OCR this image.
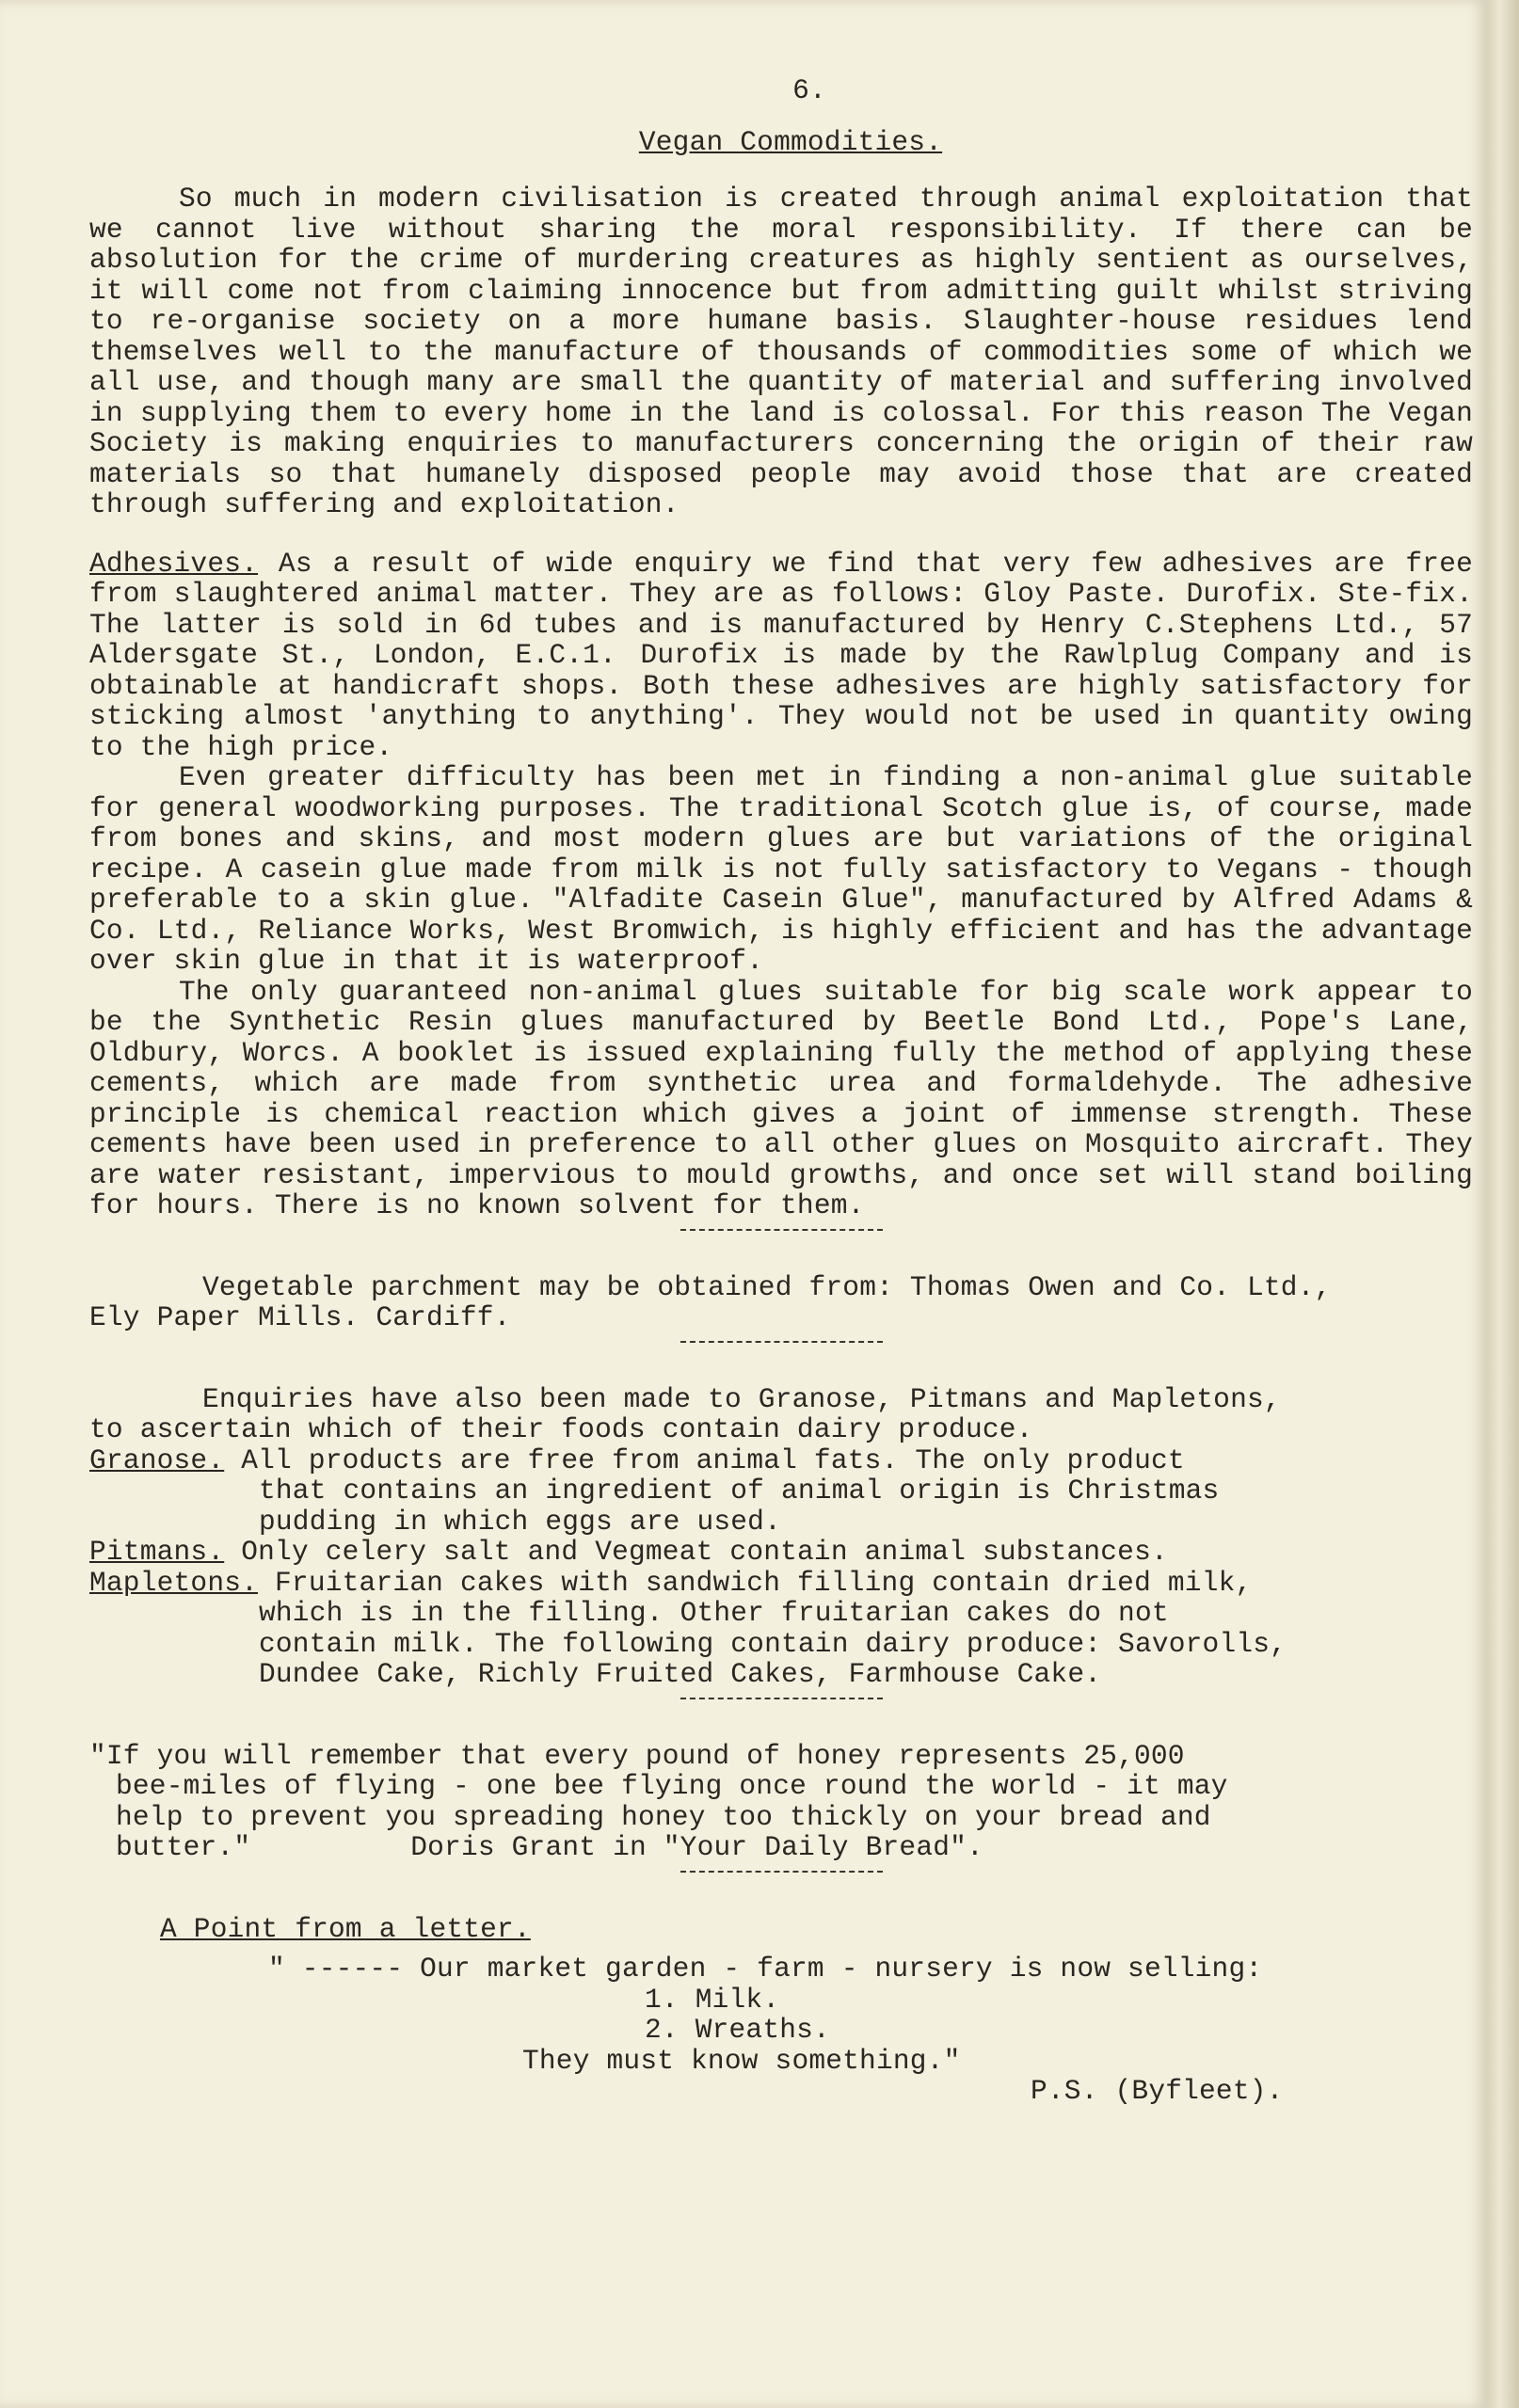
6.
Vegan Commodities.

So much in modern civilisation is created through animal exploitation that we cannot live without sharing the moral responsibility. If there can be absolution for the crime of murdering creatures as highly sentient as ourselves, it will come not from claiming innocence but from admitting guilt whilst striving to re-organise society on a more humane basis. Slaughter-house residues lend themselves well to the manufacture of thousands of commodities some of which we all use, and though many are small the quantity of material and suffering involved in supplying them to every home in the land is colossal. For this reason The Vegan Society is making enquiries to manufacturers concerning the origin of their raw materials so that humanely disposed people may avoid those that are created through suffering and exploitation.

Adhesives. As a result of wide enquiry we find that very few adhesives are free from slaughtered animal matter. They are as follows: Gloy Paste. Durofix. Ste-fix. The latter is sold in 6d tubes and is manufactured by Henry C.Stephens Ltd., 57 Aldersgate St., London, E.C.1. Durofix is made by the Rawlplug Company and is obtainable at handicraft shops. Both these adhesives are highly satisfactory for sticking almost 'anything to anything'. They would not be used in quantity owing to the high price.

Even greater difficulty has been met in finding a non-animal glue suitable for general woodworking purposes. The traditional Scotch glue is, of course, made from bones and skins, and most modern glues are but variations of the original recipe. A casein glue made from milk is not fully satisfactory to Vegans - though preferable to a skin glue. "Alfadite Casein Glue", manufactured by Alfred Adams & Co. Ltd., Reliance Works, West Bromwich, is highly efficient and has the advantage over skin glue in that it is waterproof.

The only guaranteed non-animal glues suitable for big scale work appear to be the Synthetic Resin glues manufactured by Beetle Bond Ltd., Pope's Lane, Oldbury, Worcs. A booklet is issued explaining fully the method of applying these cements, which are made from synthetic urea and formaldehyde. The adhesive principle is chemical reaction which gives a joint of immense strength. These cements have been used in preference to all other glues on Mosquito aircraft. They are water resistant, impervious to mould growths, and once set will stand boiling for hours. There is no known solvent for them.

Vegetable parchment may be obtained from: Thomas Owen and Co. Ltd.,
Ely Paper Mills. Cardiff.
Enquiries have also been made to Granose, Pitmans and Mapletons,
to ascertain which of their foods contain dairy produce.
Granose. All products are free from animal fats. The only product
that contains an ingredient of animal origin is Christmas
pudding in which eggs are used.
Pitmans. Only celery salt and Vegmeat contain animal substances.
Mapletons. Fruitarian cakes with sandwich filling contain dried milk,
which is in the filling. Other fruitarian cakes do not
contain milk. The following contain dairy produce: Savorolls,
Dundee Cake, Richly Fruited Cakes, Farmhouse Cake.
"If you will remember that every pound of honey represents 25,000
bee-miles of flying - one bee flying once round the world - it may
help to prevent you spreading honey too thickly on your bread and
butter."	Doris Grant in "Your Daily Bread".
A Point from a letter.
" ------ Our market garden - farm - nursery is now selling:
1. Milk.
2. Wreaths.
They must know something."
P.S. (Byfleet).
